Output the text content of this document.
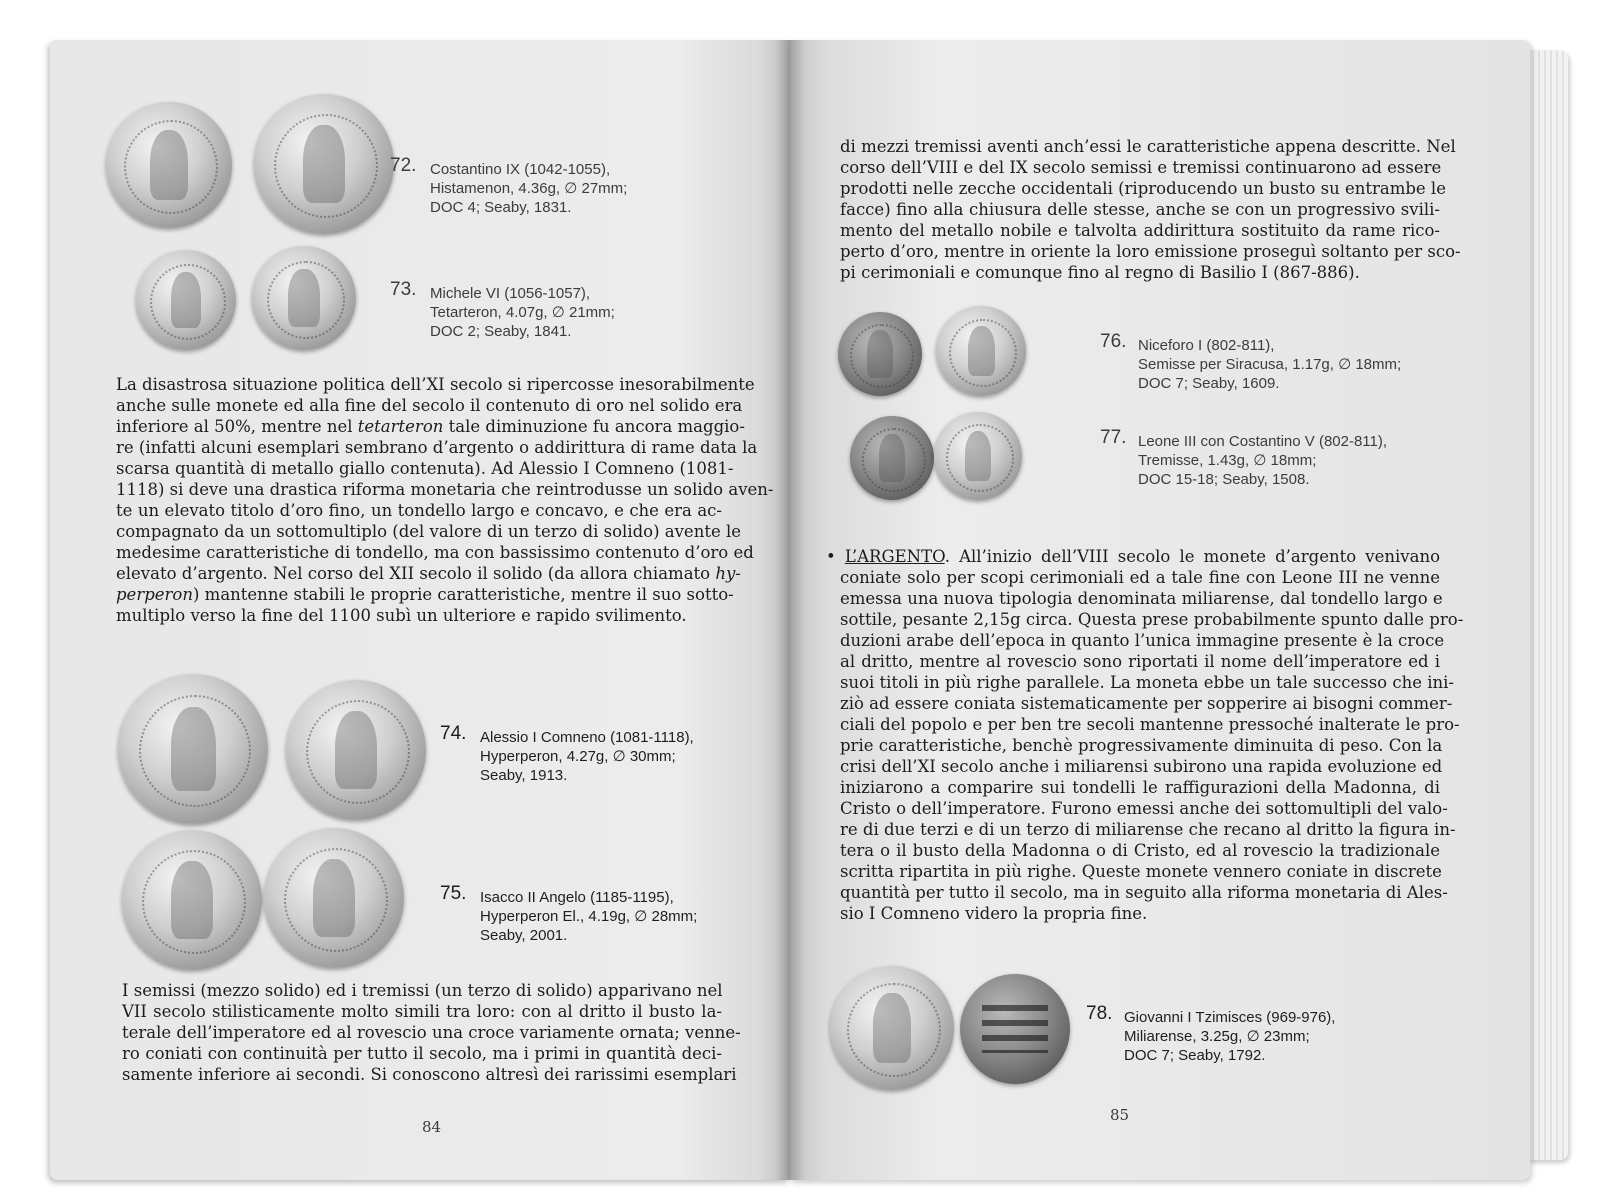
72. Costantino IX (1042-1055),
Histamenon, 4.36g, ∅ 27mm;
DOC 4; Seaby, 1831.
73. Michele VI (1056-1057),
Tetarteron, 4.07g, ∅ 21mm;
DOC 2; Seaby, 1841.
La disastrosa situazione politica dell’XI secolo si ripercosse inesorabilmente
anche sulle monete ed alla fine del secolo il contenuto di oro nel solido era
inferiore al 50%, mentre nel tetarteron tale diminuzione fu ancora maggio-
re (infatti alcuni esemplari sembrano d’argento o addirittura di rame data la
scarsa quantità di metallo giallo contenuta). Ad Alessio I Comneno (1081-
1118) si deve una drastica riforma monetaria che reintrodusse un solido aven-
te un elevato titolo d’oro fino, un tondello largo e concavo, e che era ac-
compagnato da un sottomultiplo (del valore di un terzo di solido) avente le
medesime caratteristiche di tondello, ma con bassissimo contenuto d’oro ed
elevato d’argento. Nel corso del XII secolo il solido (da allora chiamato hy-
perperon) mantenne stabili le proprie caratteristiche, mentre il suo sotto-
multiplo verso la fine del 1100 subì un ulteriore e rapido svilimento.
74. Alessio I Comneno (1081-1118),
Hyperperon, 4.27g, ∅ 30mm;
Seaby, 1913.
75. Isacco II Angelo (1185-1195),
Hyperperon El., 4.19g, ∅ 28mm;
Seaby, 2001.
I semissi (mezzo solido) ed i tremissi (un terzo di solido) apparivano nel
VII secolo stilisticamente molto simili tra loro: con al dritto il busto la-
terale dell’imperatore ed al rovescio una croce variamente ornata; venne-
ro coniati con continuità per tutto il secolo, ma i primi in quantità deci-
samente inferiore ai secondi. Si conoscono altresì dei rarissimi esemplari
84
di mezzi tremissi aventi anch’essi le caratteristiche appena descritte. Nel
corso dell’VIII e del IX secolo semissi e tremissi continuarono ad essere
prodotti nelle zecche occidentali (riproducendo un busto su entrambe le
facce) fino alla chiusura delle stesse, anche se con un progressivo svili-
mento del metallo nobile e talvolta addirittura sostituito da rame rico-
perto d’oro, mentre in oriente la loro emissione proseguì soltanto per sco-
pi cerimoniali e comunque fino al regno di Basilio I (867-886).
76. Niceforo I (802-811),
Semisse per Siracusa, 1.17g, ∅ 18mm;
DOC 7; Seaby, 1609.
77. Leone III con Costantino V (802-811),
Tremisse, 1.43g, ∅ 18mm;
DOC 15-18; Seaby, 1508.
• L’ARGENTO. All’inizio dell’VIII secolo le monete d’argento venivano
coniate solo per scopi cerimoniali ed a tale fine con Leone III ne venne
emessa una nuova tipologia denominata miliarense, dal tondello largo e
sottile, pesante 2,15g circa. Questa prese probabilmente spunto dalle pro-
duzioni arabe dell’epoca in quanto l’unica immagine presente è la croce
al dritto, mentre al rovescio sono riportati il nome dell’imperatore ed i
suoi titoli in più righe parallele. La moneta ebbe un tale successo che ini-
ziò ad essere coniata sistematicamente per sopperire ai bisogni commer-
ciali del popolo e per ben tre secoli mantenne pressoché inalterate le pro-
prie caratteristiche, benchè progressivamente diminuita di peso. Con la
crisi dell’XI secolo anche i miliarensi subirono una rapida evoluzione ed
iniziarono a comparire sui tondelli le raffigurazioni della Madonna, di
Cristo o dell’imperatore. Furono emessi anche dei sottomultipli del valo-
re di due terzi e di un terzo di miliarense che recano al dritto la figura in-
tera o il busto della Madonna o di Cristo, ed al rovescio la tradizionale
scritta ripartita in più righe. Queste monete vennero coniate in discrete
quantità per tutto il secolo, ma in seguito alla riforma monetaria di Ales-
sio I Comneno videro la propria fine.
78. Giovanni I Tzimisces (969-976),
Miliarense, 3.25g, ∅ 23mm;
DOC 7; Seaby, 1792.
85
